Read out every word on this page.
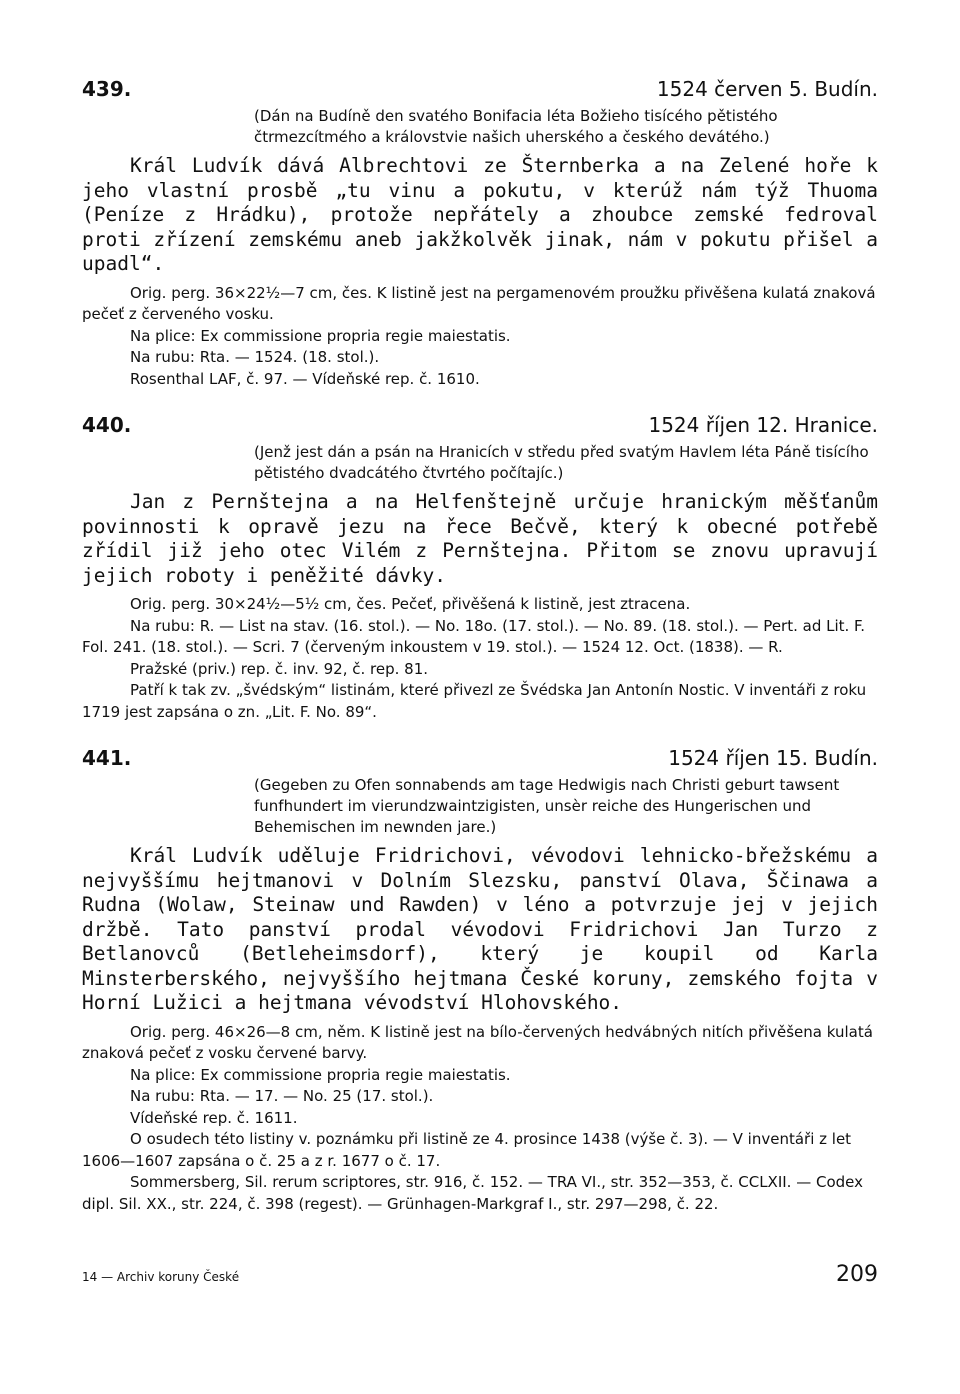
439.	1524 červen 5. Budín.
(Dán na Budíně den svatého Bonifacia léta Božieho tisícého pětistého čtrmezcítmého a královstvie našich uherského a českého devátého.)

Král Ludvík dává Albrechtovi ze Šternberka a na Zelené hoře k jeho vlastní prosbě „tu vinu a pokutu, v kterúž nám týž Thuoma (Peníze z Hrádku), protože nepřátely a zhoubce zemské fedroval proti zřízení zemskému aneb jakžkolvěk jinak, nám v pokutu přišel a upadl“.

Orig. perg. 36×22½—7 cm, čes. K listině jest na pergamenovém proužku přivěšena kulatá znaková pečeť z červeného vosku.

Na plice: Ex commissione propria regie maiestatis.

Na rubu: Rta. — 1524. (18. stol.).

Rosenthal LAF, č. 97. — Vídeňské rep. č. 1610.

440.	1524 říjen 12. Hranice.
(Jenž jest dán a psán na Hranicích v středu před svatým Havlem léta Páně tisícího pětistého dvadcátého čtvrtého počítajíc.)

Jan z Pernštejna a na Helfenštejně určuje hranickým měšťanům povinnosti k opravě jezu na řece Bečvě, který k obecné potřebě zřídil již jeho otec Vilém z Pernštejna. Přitom se znovu upravují jejich roboty i peněžité dávky.

Orig. perg. 30×24½—5½ cm, čes. Pečeť, přivěšená k listině, jest ztracena.

Na rubu: R. — List na stav. (16. stol.). — No. 18o. (17. stol.). — No. 89. (18. stol.). — Pert. ad Lit. F. Fol. 241. (18. stol.). — Scri. 7 (červeným inkoustem v 19. stol.). — 1524 12. Oct. (1838). — R.

Pražské (priv.) rep. č. inv. 92, č. rep. 81.

Patří k tak zv. „švédským“ listinám, které přivezl ze Švédska Jan Antonín Nostic. V inventáři z roku 1719 jest zapsána o zn. „Lit. F. No. 89“.

441.	1524 říjen 15. Budín.
(Gegeben zu Ofen sonnabends am tage Hedwigis nach Christi geburt tawsent funfhundert im vierundzwaintzigisten, unsèr reiche des Hungerischen und Behemischen im newnden jare.)

Král Ludvík uděluje Fridrichovi, vévodovi lehnicko-břežskému a nejvyššímu hejtmanovi v Dolním Slezsku, panství Olava, Ščinawa a Rudna (Wolaw, Steinaw und Rawden) v léno a potvrzuje jej v jejich držbě. Tato panství prodal vévodovi Fridrichovi Jan Turzo z Betlanovců (Betleheimsdorf), který je koupil od Karla Minsterberského, nejvyššího hejtmana České koruny, zemského fojta v Horní Lužici a hejtmana vévodství Hlohovského.

Orig. perg. 46×26—8 cm, něm. K listině jest na bílo-červených hedvábných nitích přivěšena kulatá znaková pečeť z vosku červené barvy.

Na plice: Ex commissione propria regie maiestatis.

Na rubu: Rta. — 17. — No. 25 (17. stol.).

Vídeňské rep. č. 1611.

O osudech této listiny v. poznámku při listině ze 4. prosince 1438 (výše č. 3). — V inventáři z let 1606—1607 zapsána o č. 25 a z r. 1677 o č. 17.

Sommersberg, Sil. rerum scriptores, str. 916, č. 152. — TRA VI., str. 352—353, č. CCLXII. — Codex dipl. Sil. XX., str. 224, č. 398 (regest). — Grünhagen-Markgraf I., str. 297—298, č. 22.

14 — Archiv koruny České	209
